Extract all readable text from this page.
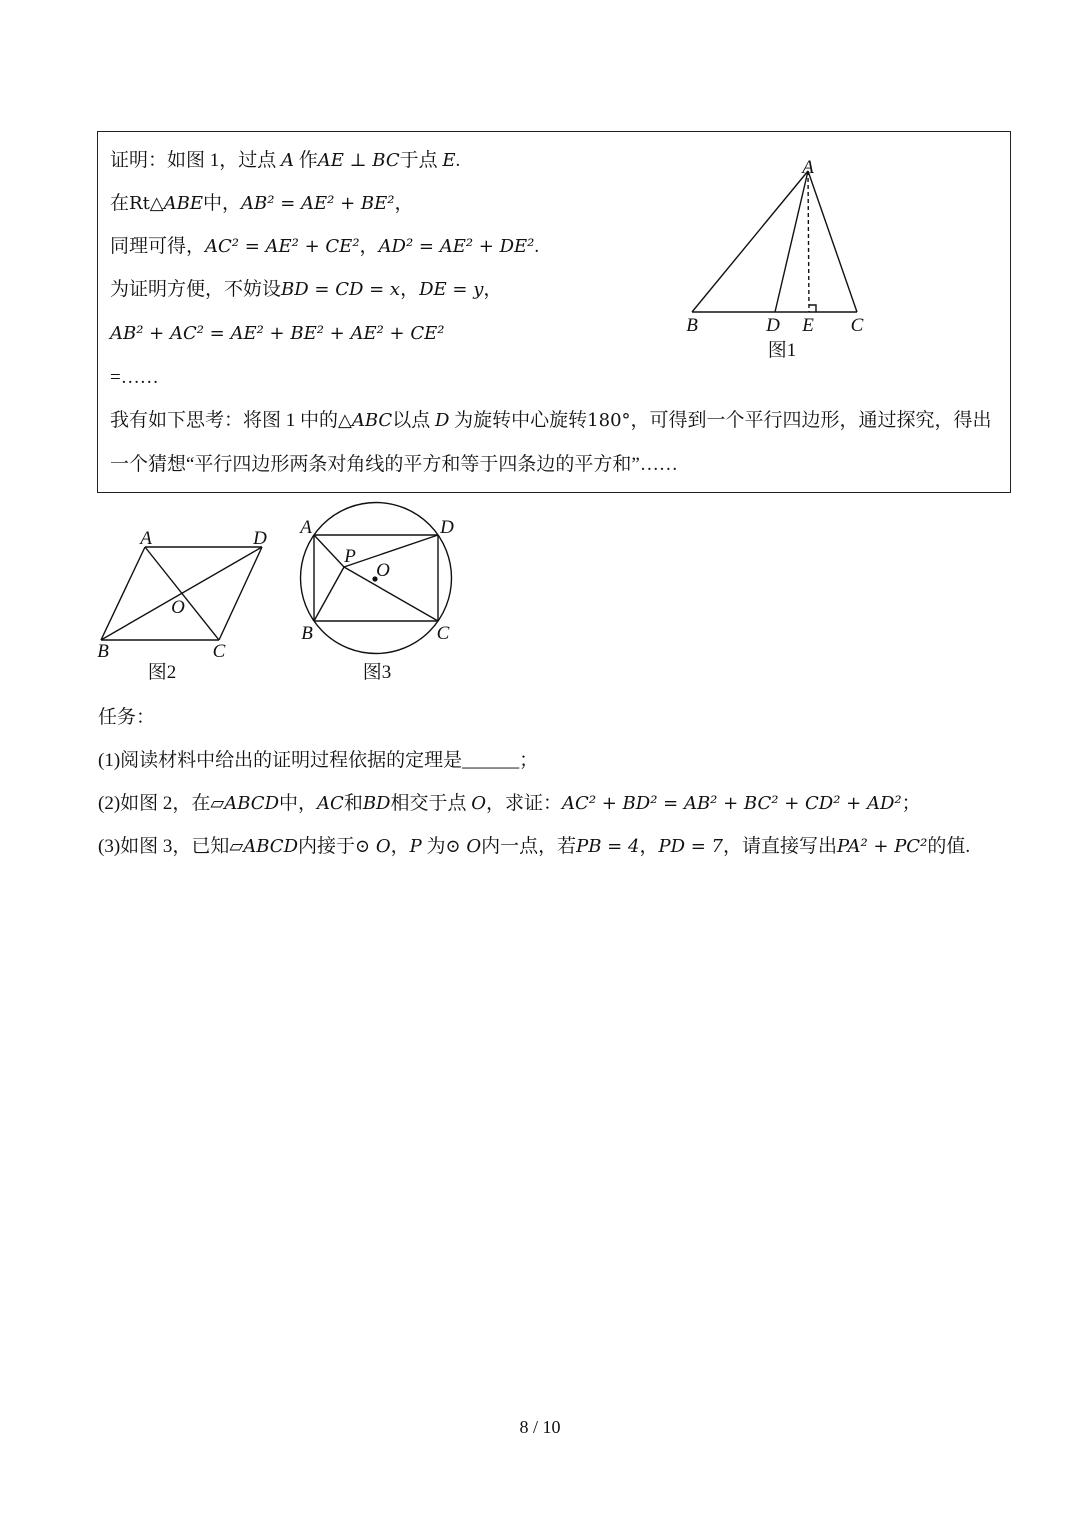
证明：如图 1，过点 A 作AE ⊥ BC于点 E.
在Rt△ABE中，AB² = AE² + BE²，
同理可得，AC² = AE² + CE²，AD² = AE² + DE².
为证明方便，不妨设BD = CD = x，DE = y，
AB² + AC² = AE² + BE² + AE² + CE²
=……
我有如下思考：将图 1 中的△ABC以点 D 为旋转中心旋转180°，可得到一个平行四边形，通过探究，得出
一个猜想“平行四边形两条对角线的平方和等于四条边的平方和”……
A
B	D E C
图1
A	D
O
B	C
图2
A	D
P
O
B	C
图3
任务：
(1)阅读材料中给出的证明过程依据的定理是______；
(2)如图 2，在▱ABCD中，AC和BD相交于点 O，求证：AC² + BD² = AB² + BC² + CD² + AD²；
(3)如图 3，已知▱ABCD内接于⊙ O，P 为⊙ O内一点，若PB = 4，PD = 7，请直接写出PA² + PC²的值.
8 / 10
